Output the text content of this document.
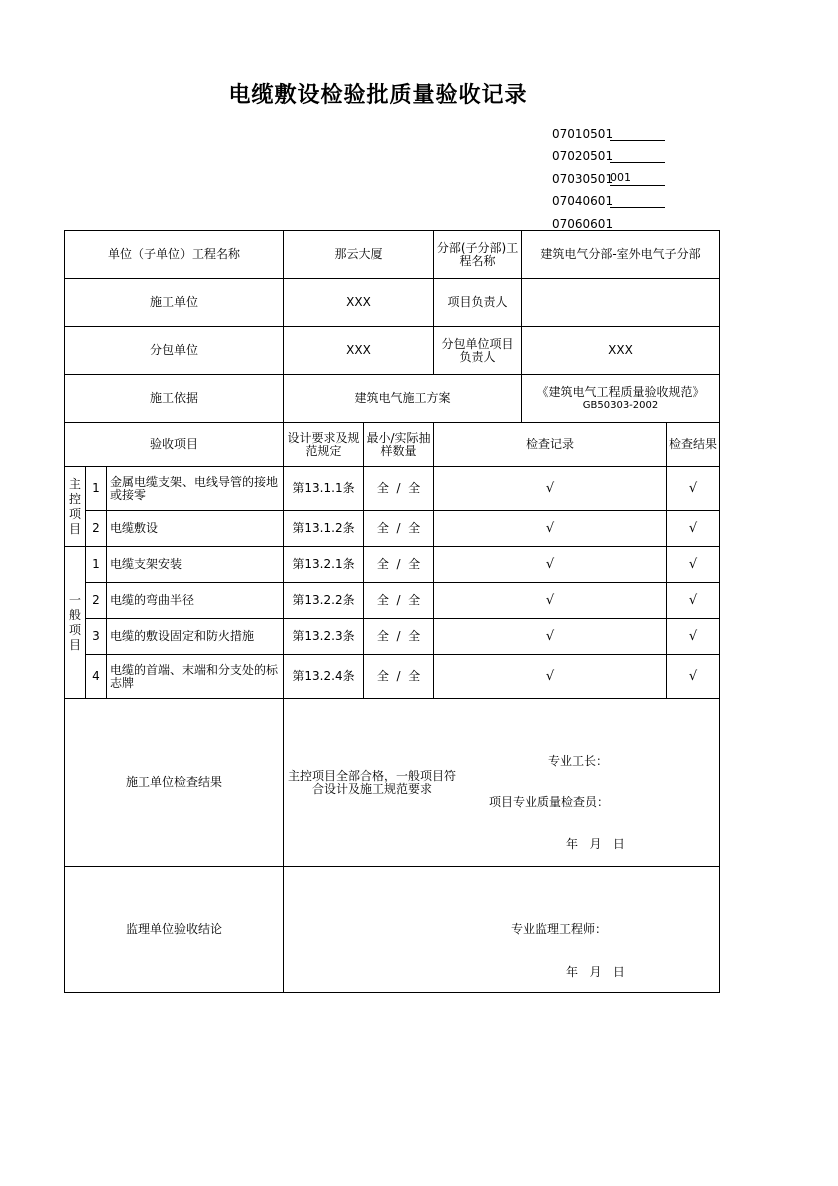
电缆敷设检验批质量验收记录
07010501
07020501
07030501
001
07040601
07060601
单位（子单位）工程名称			那云大厦		分部(子分部)工程名称	建筑电气分部-室外电气子分部	
施工单位			XXX		项目负责人		
分包单位			XXX		分包单位项目负责人	XXX	
施工依据			建筑电气施工方案			《建筑电气工程质量验收规范》
GB50303-2002	

验收项目			设计要求及规范规定	最小/实际抽样数量	检查记录		检查结果
主控项目	1	金属电缆支架、电线导管的接地或接零	第13.1.1条	全 / 全	√		√
	2	电缆敷设	第13.1.2条	全 / 全	√		√
一般项目	1	电缆支架安装	第13.2.1条	全 / 全	√		√
	2	电缆的弯曲半径	第13.2.2条	全 / 全	√		√
	3	电缆的敷设固定和防火措施	第13.2.3条	全 / 全	√		√
	4	电缆的首端、末端和分支处的标志牌	第13.2.4条	全 / 全	√		√
施工单位检查结果			主控项目全部合格，一般项目符合设计及施工规范要求
专业工长：
项目专业质量检查员：
年   月   日				

监理单位验收结论			专业监理工程师：
年   月   日				
